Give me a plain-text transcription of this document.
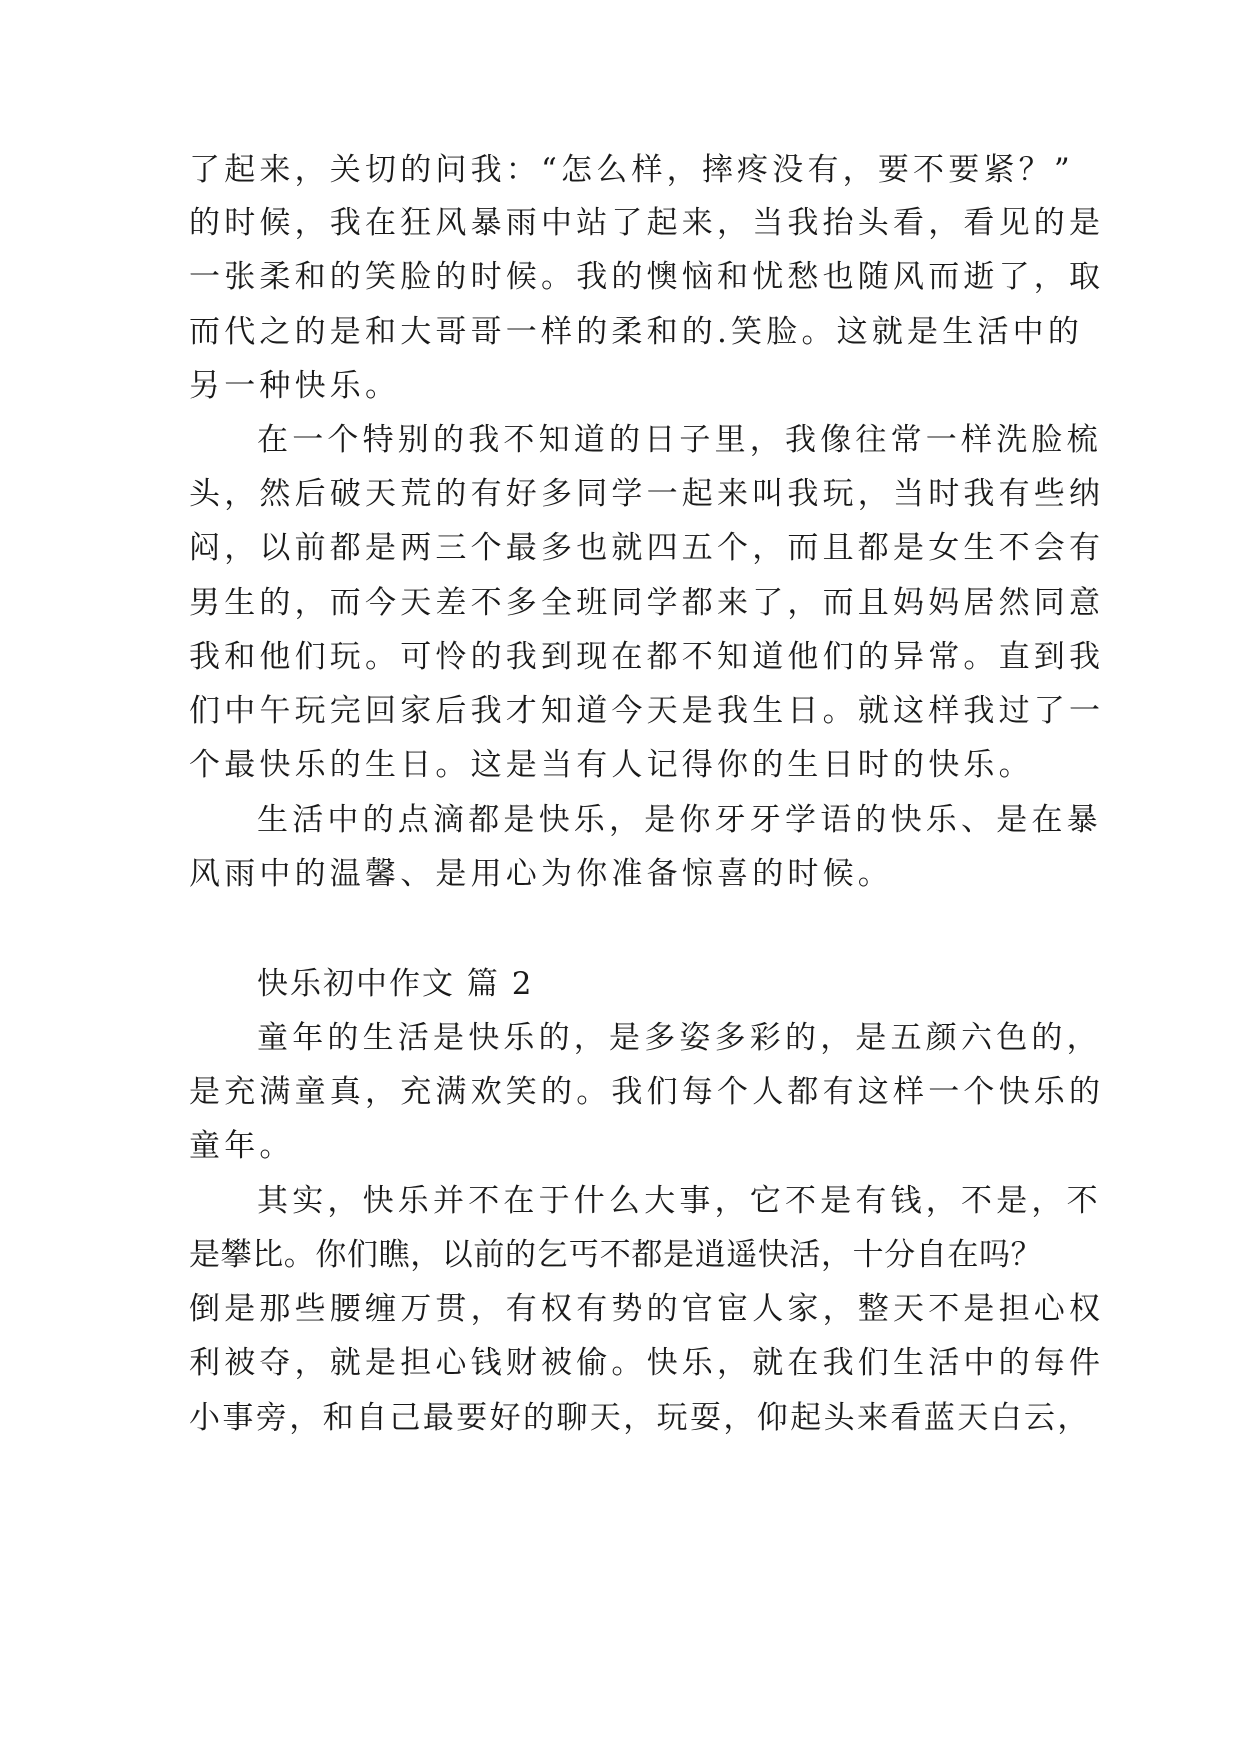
了起来，关切的问我：“怎么样，摔疼没有，要不要紧？”
的时候，我在狂风暴雨中站了起来，当我抬头看，看见的是
一张柔和的笑脸的时候。我的懊恼和忧愁也随风而逝了，取
而代之的是和大哥哥一样的柔和的.笑脸。这就是生活中的
另一种快乐。
在一个特别的我不知道的日子里，我像往常一样洗脸梳
头，然后破天荒的有好多同学一起来叫我玩，当时我有些纳
闷，以前都是两三个最多也就四五个，而且都是女生不会有
男生的，而今天差不多全班同学都来了，而且妈妈居然同意
我和他们玩。可怜的我到现在都不知道他们的异常。直到我
们中午玩完回家后我才知道今天是我生日。就这样我过了一
个最快乐的生日。这是当有人记得你的生日时的快乐。
生活中的点滴都是快乐，是你牙牙学语的快乐、是在暴
风雨中的温馨、是用心为你准备惊喜的时候。
快乐初中作文 篇 2
童年的生活是快乐的，是多姿多彩的，是五颜六色的，
是充满童真，充满欢笑的。我们每个人都有这样一个快乐的
童年。
其实，快乐并不在于什么大事，它不是有钱，不是，不
是攀比。你们瞧，以前的乞丐不都是逍遥快活，十分自在吗？
倒是那些腰缠万贯，有权有势的官宦人家，整天不是担心权
利被夺，就是担心钱财被偷。快乐，就在我们生活中的每件
小事旁，和自己最要好的聊天，玩耍，仰起头来看蓝天白云，
